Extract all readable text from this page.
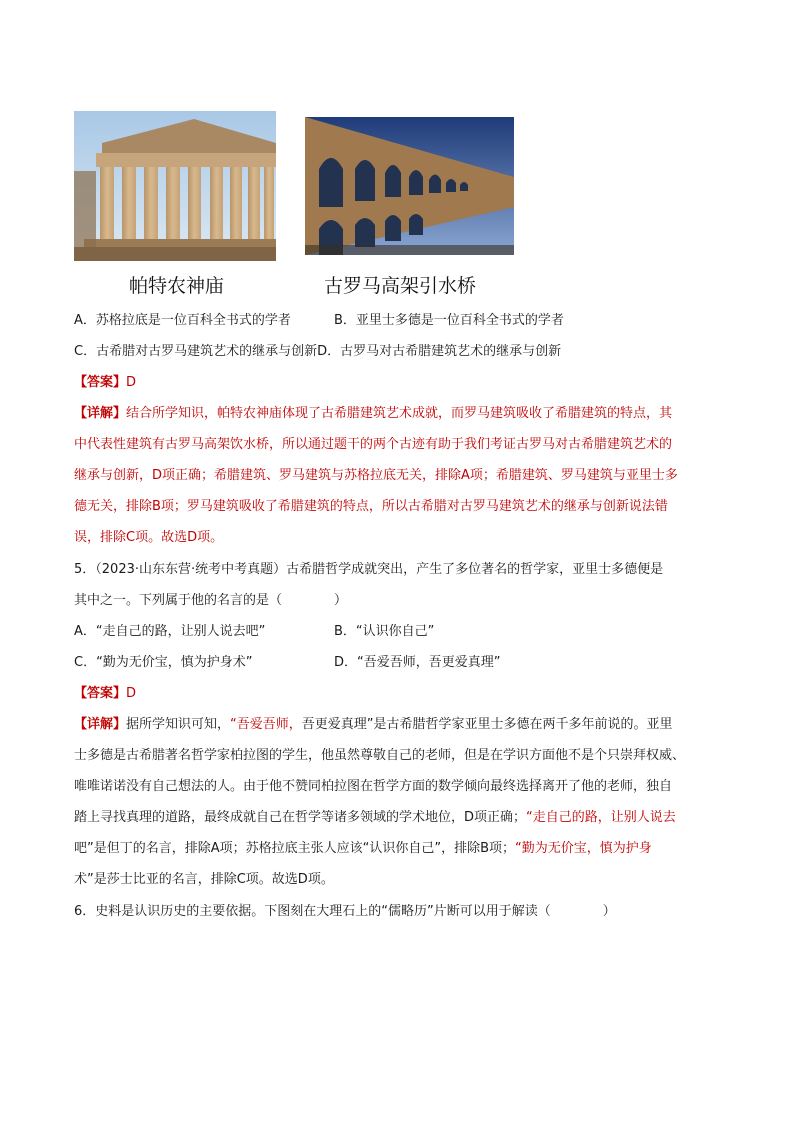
帕特农神庙	古罗马高架引水桥
A．苏格拉底是一位百科全书式的学者	B．亚里士多德是一位百科全书式的学者
C．古希腊对古罗马建筑艺术的继承与创新D．古罗马对古希腊建筑艺术的继承与创新
【答案】D
【详解】结合所学知识，帕特农神庙体现了古希腊建筑艺术成就，而罗马建筑吸收了希腊建筑的特点，其
中代表性建筑有古罗马高架饮水桥，所以通过题干的两个古迹有助于我们考证古罗马对古希腊建筑艺术的
继承与创新，D项正确；希腊建筑、罗马建筑与苏格拉底无关，排除A项；希腊建筑、罗马建筑与亚里士多
德无关，排除B项；罗马建筑吸收了希腊建筑的特点，所以古希腊对古罗马建筑艺术的继承与创新说法错
误，排除C项。故选D项。
5．（2023·山东东营·统考中考真题）古希腊哲学成就突出，产生了多位著名的哲学家，亚里士多德便是
其中之一。下列属于他的名言的是（　　　　）
A．“走自己的路，让别人说去吧”	B．“认识你自己”
C．“勤为无价宝，慎为护身术”	D．“吾爱吾师，吾更爱真理”
【答案】D
【详解】据所学知识可知，“吾爱吾师，吾更爱真理”是古希腊哲学家亚里士多德在两千多年前说的。亚里
士多德是古希腊著名哲学家柏拉图的学生，他虽然尊敬自己的老师，但是在学识方面他不是个只崇拜权威、
唯唯诺诺没有自己想法的人。由于他不赞同柏拉图在哲学方面的数学倾向最终选择离开了他的老师，独自
踏上寻找真理的道路，最终成就自己在哲学等诸多领域的学术地位，D项正确；“走自己的路，让别人说去
吧”是但丁的名言，排除A项；苏格拉底主张人应该“认识你自己”，排除B项；“勤为无价宝，慎为护身
术”是莎士比亚的名言，排除C项。故选D项。
6．史料是认识历史的主要依据。下图刻在大理石上的“儒略历”片断可以用于解读（　　　　）
